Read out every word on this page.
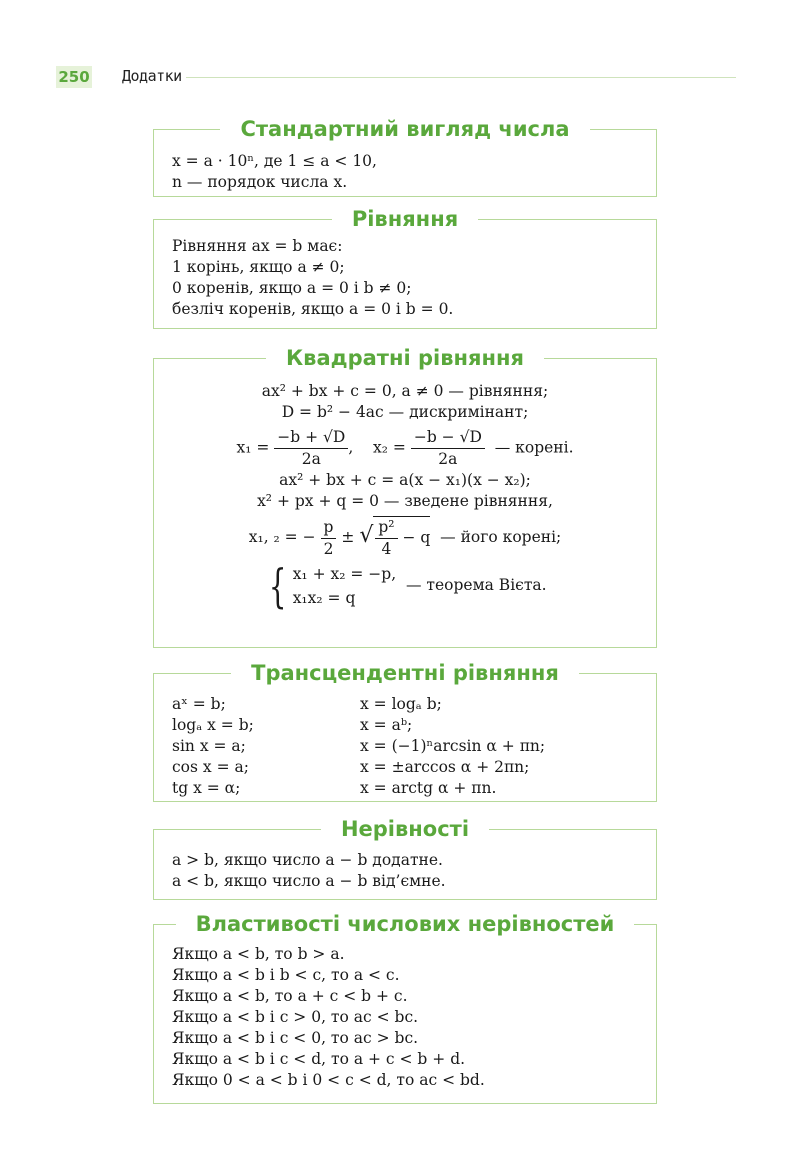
250 Додатки
Стандартний вигляд числа
x = a · 10ⁿ, де 1 ≤ a < 10,
n — порядок числа x.
Рівняння
Рівняння ax = b має:
1 корінь, якщо a ≠ 0;
0 коренів, якщо a = 0 і b ≠ 0;
безліч коренів, якщо a = 0 і b = 0.
Квадратні рівняння
ax² + bx + c = 0, a ≠ 0 — рівняння;
D = b² − 4ac — дискримінант;
$x_1 = \frac{-b + √D}{2a}$ , $x_2 = \frac{-b - √D}{2a}$ — корені.
ax² + bx + c = a(x − x₁)(x − x₂);
x² + px + q = 0 — зведене рівняння,
x₁, ₂ = − $\frac{p}{2}$ ± √ $\frac{\text{p²}}{4} - q$ — його корені;
{ x₁ + x₂ = −p,
x₁x₂ = q
— теорема Вієта.
Трансцендентні рівняння
aˣ = b;	x = logₐ b;
logₐ x = b;	x = aᵇ;
sin x = a;	x = (−1)ⁿarcsin α + πn;
cos x = a;	x = ±arccos α + 2πn;
tg x = α;	x = arctg α + πn.
Нерівності
a > b, якщо число a − b додатне.
a < b, якщо число a − b від’ємне.
Властивості числових нерівностей
Якщо a < b, то b > a.
Якщо a < b і b < c, то a < c.
Якщо a < b, то a + c < b + c.
Якщо a < b і c > 0, то ac < bc.
Якщо a < b і c < 0, то ac > bc.
Якщо a < b і c < d, то a + c < b + d.
Якщо 0 < a < b і 0 < c < d, то ac < bd.
